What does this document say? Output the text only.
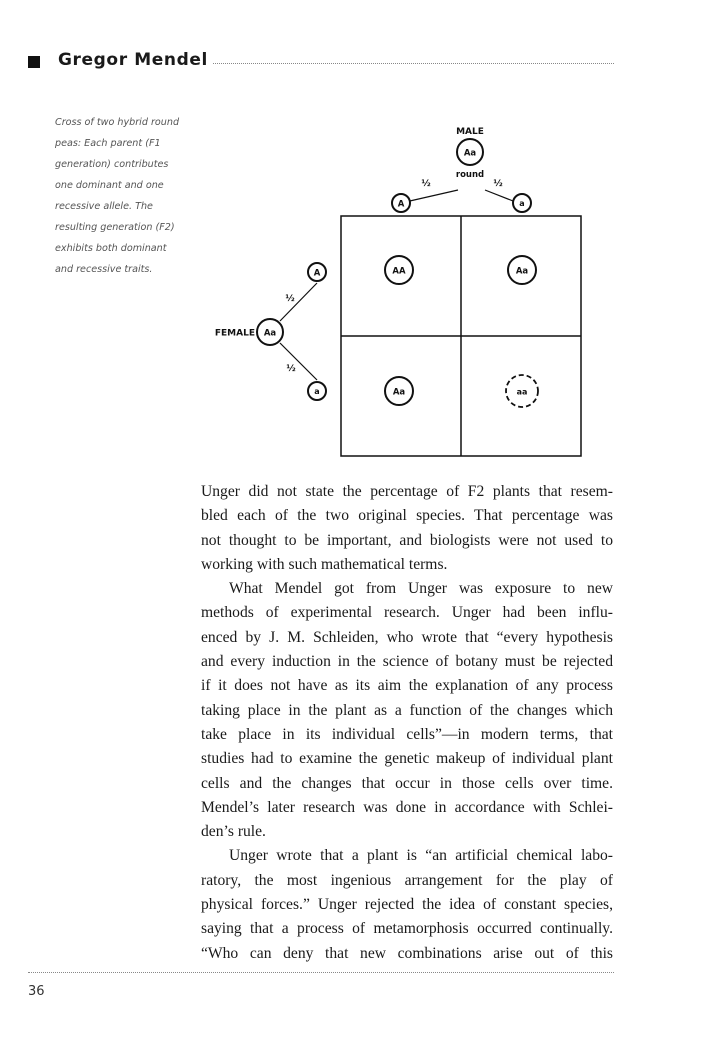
Gregor Mendel
Cross of two hybrid round
peas: Each parent (F1
generation) contributes
one dominant and one
recessive allele. The
resulting generation (F2)
exhibits both dominant
and recessive traits.
MALE
Aa
round
½	½
A	a
A
a
½
½
FEMALE Aa
AA	Aa
Aa	aa
Unger did not state the percentage of F2 plants that resem-
bled each of the two original species. That percentage was
not thought to be important, and biologists were not used to
working with such mathematical terms.
What Mendel got from Unger was exposure to new
methods of experimental research. Unger had been influ-
enced by J. M. Schleiden, who wrote that “every hypothesis
and every induction in the science of botany must be rejected
if it does not have as its aim the explanation of any process
taking place in the plant as a function of the changes which
take place in its individual cells”—in modern terms, that
studies had to examine the genetic makeup of individual plant
cells and the changes that occur in those cells over time.
Mendel’s later research was done in accordance with Schlei-
den’s rule.
Unger wrote that a plant is “an artificial chemical labo-
ratory, the most ingenious arrangement for the play of
physical forces.” Unger rejected the idea of constant species,
saying that a process of metamorphosis occurred continually.
“Who can deny that new combinations arise out of this
36
